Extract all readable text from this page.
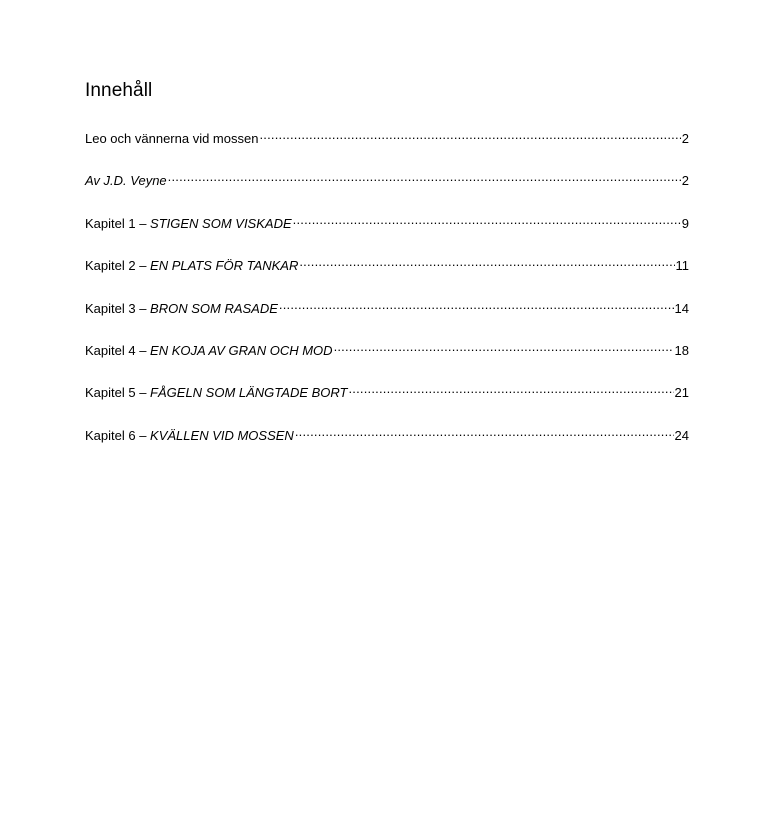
Innehåll
Leo och vännerna vid mossen .....	2
Av J.D. Veyne .....	2
Kapitel 1 – STIGEN SOM VISKADE .....	9
Kapitel 2 – EN PLATS FÖR TANKAR .....	11
Kapitel 3 – BRON SOM RASADE .....	14
Kapitel 4 – EN KOJA AV GRAN OCH MOD .....	18
Kapitel 5 – FÅGELN SOM LÄNGTADE BORT .....	21
Kapitel 6 – KVÄLLEN VID MOSSEN .....	24
